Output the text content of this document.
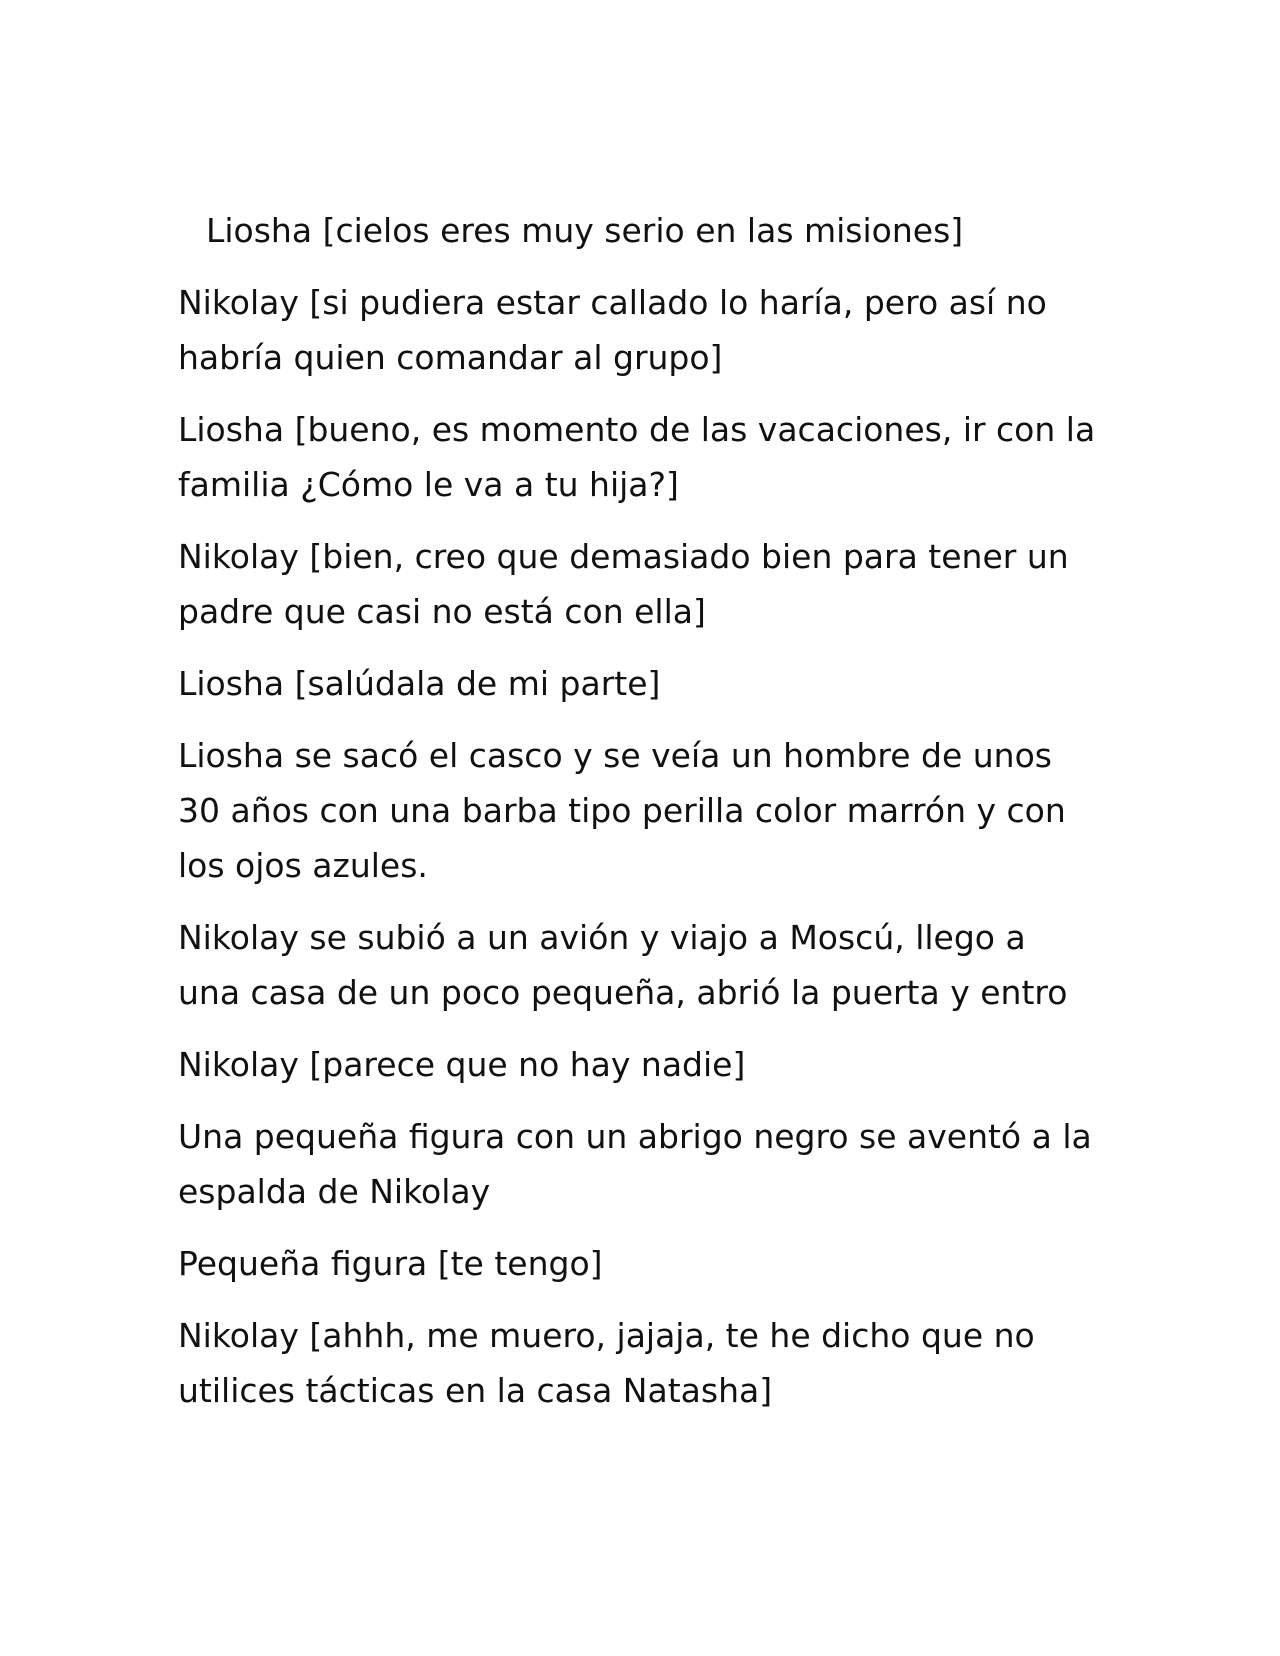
Liosha [cielos eres muy serio en las misiones]

Nikolay [si pudiera estar callado lo haría, pero así no habría quien comandar al grupo]

Liosha [bueno, es momento de las vacaciones, ir con la familia ¿Cómo le va a tu hija?]

Nikolay [bien, creo que demasiado bien para tener un padre que casi no está con ella]

Liosha [salúdala de mi parte]

Liosha se sacó el casco y se veía un hombre de unos 30 años con una barba tipo perilla color marrón y con los ojos azules.

Nikolay se subió a un avión y viajo a Moscú, llego a una casa de un poco pequeña, abrió la puerta y entro

Nikolay [parece que no hay nadie]

Una pequeña figura con un abrigo negro se aventó a la espalda de Nikolay

Pequeña figura [te tengo]

Nikolay [ahhh, me muero, jajaja, te he dicho que no utilices tácticas en la casa Natasha]
